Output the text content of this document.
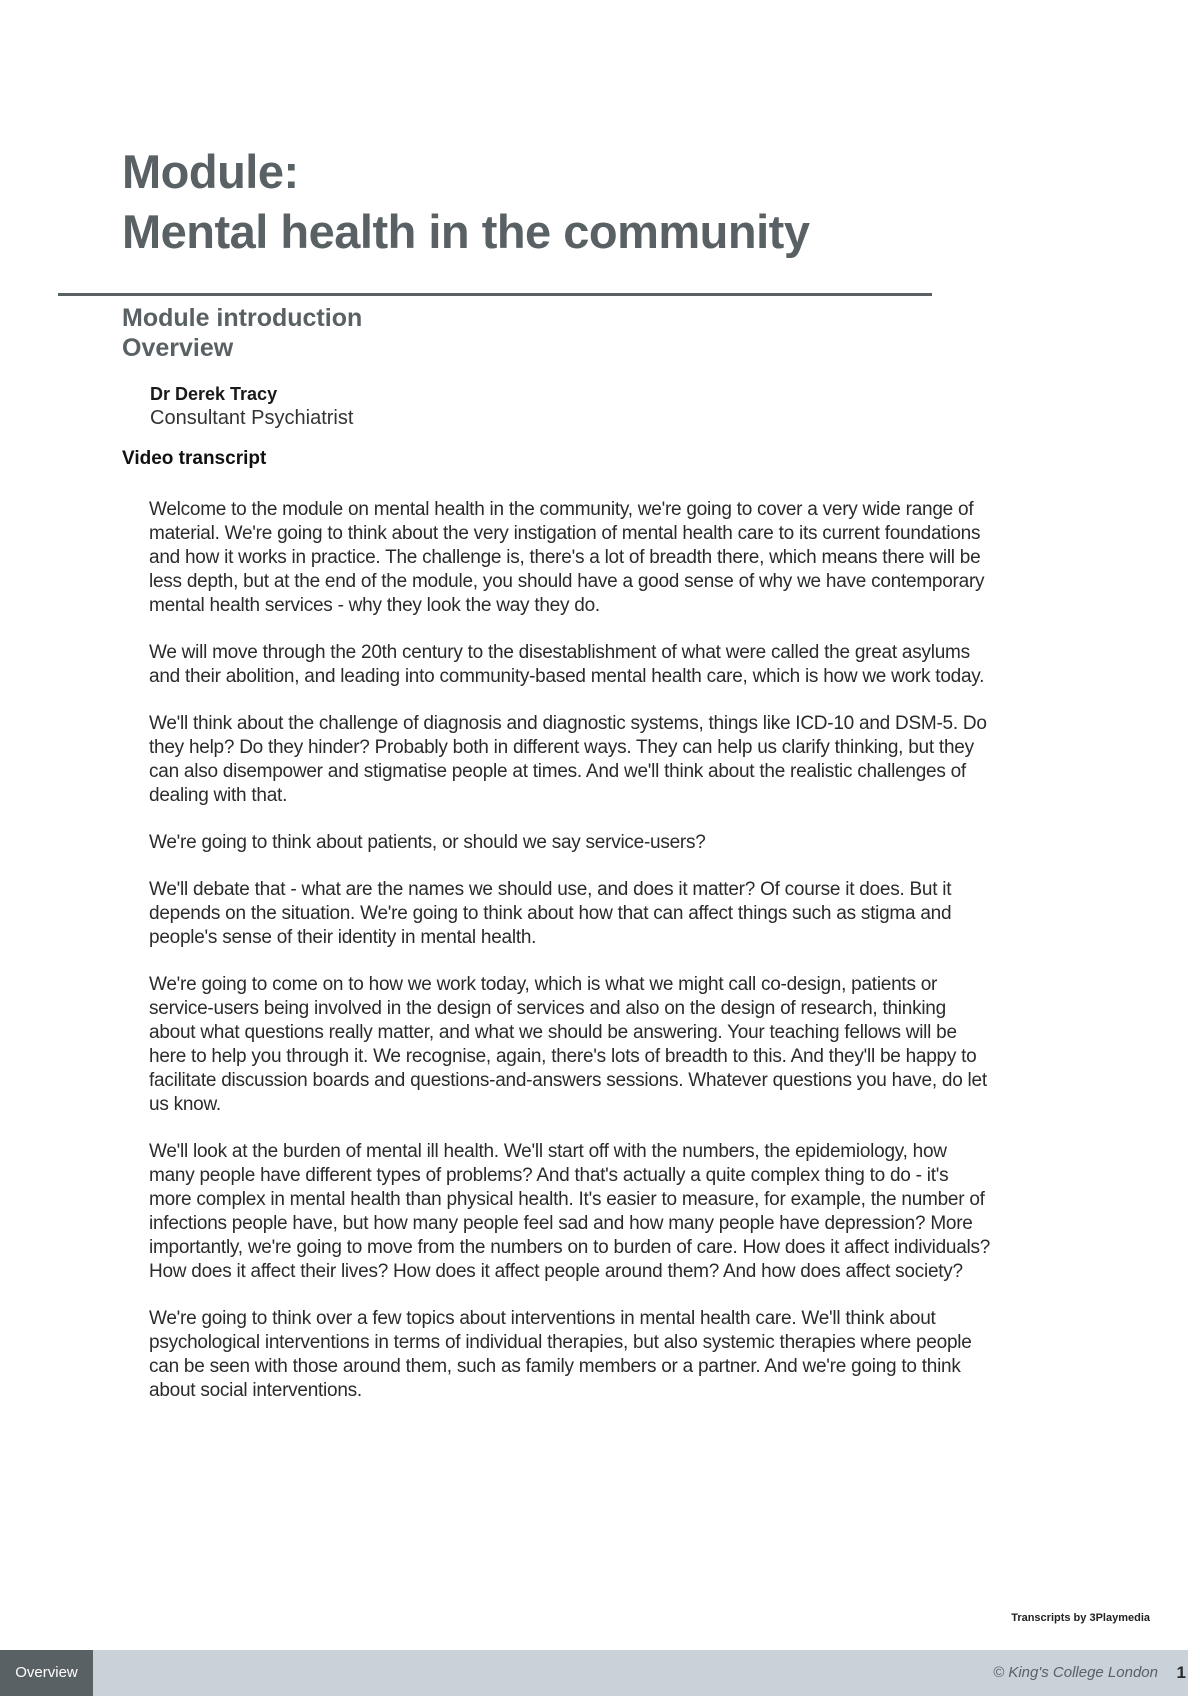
Module:
Mental health in the community
Module introduction
Overview
Dr Derek Tracy
Consultant Psychiatrist
Video transcript

Welcome to the module on mental health in the community, we're going to cover a very wide range of material. We're going to think about the very instigation of mental health care to its current foundations and how it works in practice. The challenge is, there's a lot of breadth there, which means there will be less depth, but at the end of the module, you should have a good sense of why we have contemporary mental health services - why they look the way they do.

We will move through the 20th century to the disestablishment of what were called the great asylums and their abolition, and leading into community-based mental health care, which is how we work today.

We'll think about the challenge of diagnosis and diagnostic systems, things like ICD-10 and DSM-5. Do they help? Do they hinder? Probably both in different ways. They can help us clarify thinking, but they can also disempower and stigmatise people at times. And we'll think about the realistic challenges of dealing with that.

We're going to think about patients, or should we say service-users?

We'll debate that - what are the names we should use, and does it matter? Of course it does. But it depends on the situation. We're going to think about how that can affect things such as stigma and people's sense of their identity in mental health.

We're going to come on to how we work today, which is what we might call co-design, patients or service-users being involved in the design of services and also on the design of research, thinking about what questions really matter, and what we should be answering. Your teaching fellows will be here to help you through it. We recognise, again, there's lots of breadth to this. And they'll be happy to facilitate discussion boards and questions-and-answers sessions. Whatever questions you have, do let us know.

We'll look at the burden of mental ill health. We'll start off with the numbers, the epidemiology, how many people have different types of problems? And that's actually a quite complex thing to do - it's more complex in mental health than physical health. It's easier to measure, for example, the number of infections people have, but how many people feel sad and how many people have depression? More importantly, we're going to move from the numbers on to burden of care. How does it affect individuals? How does it affect their lives? How does it affect people around them? And how does affect society?

We're going to think over a few topics about interventions in mental health care. We'll think about psychological interventions in terms of individual therapies, but also systemic therapies where people can be seen with those around them, such as family members or a partner. And we're going to think about social interventions.

Transcripts by 3Playmedia
Overview	© King's College London 1
